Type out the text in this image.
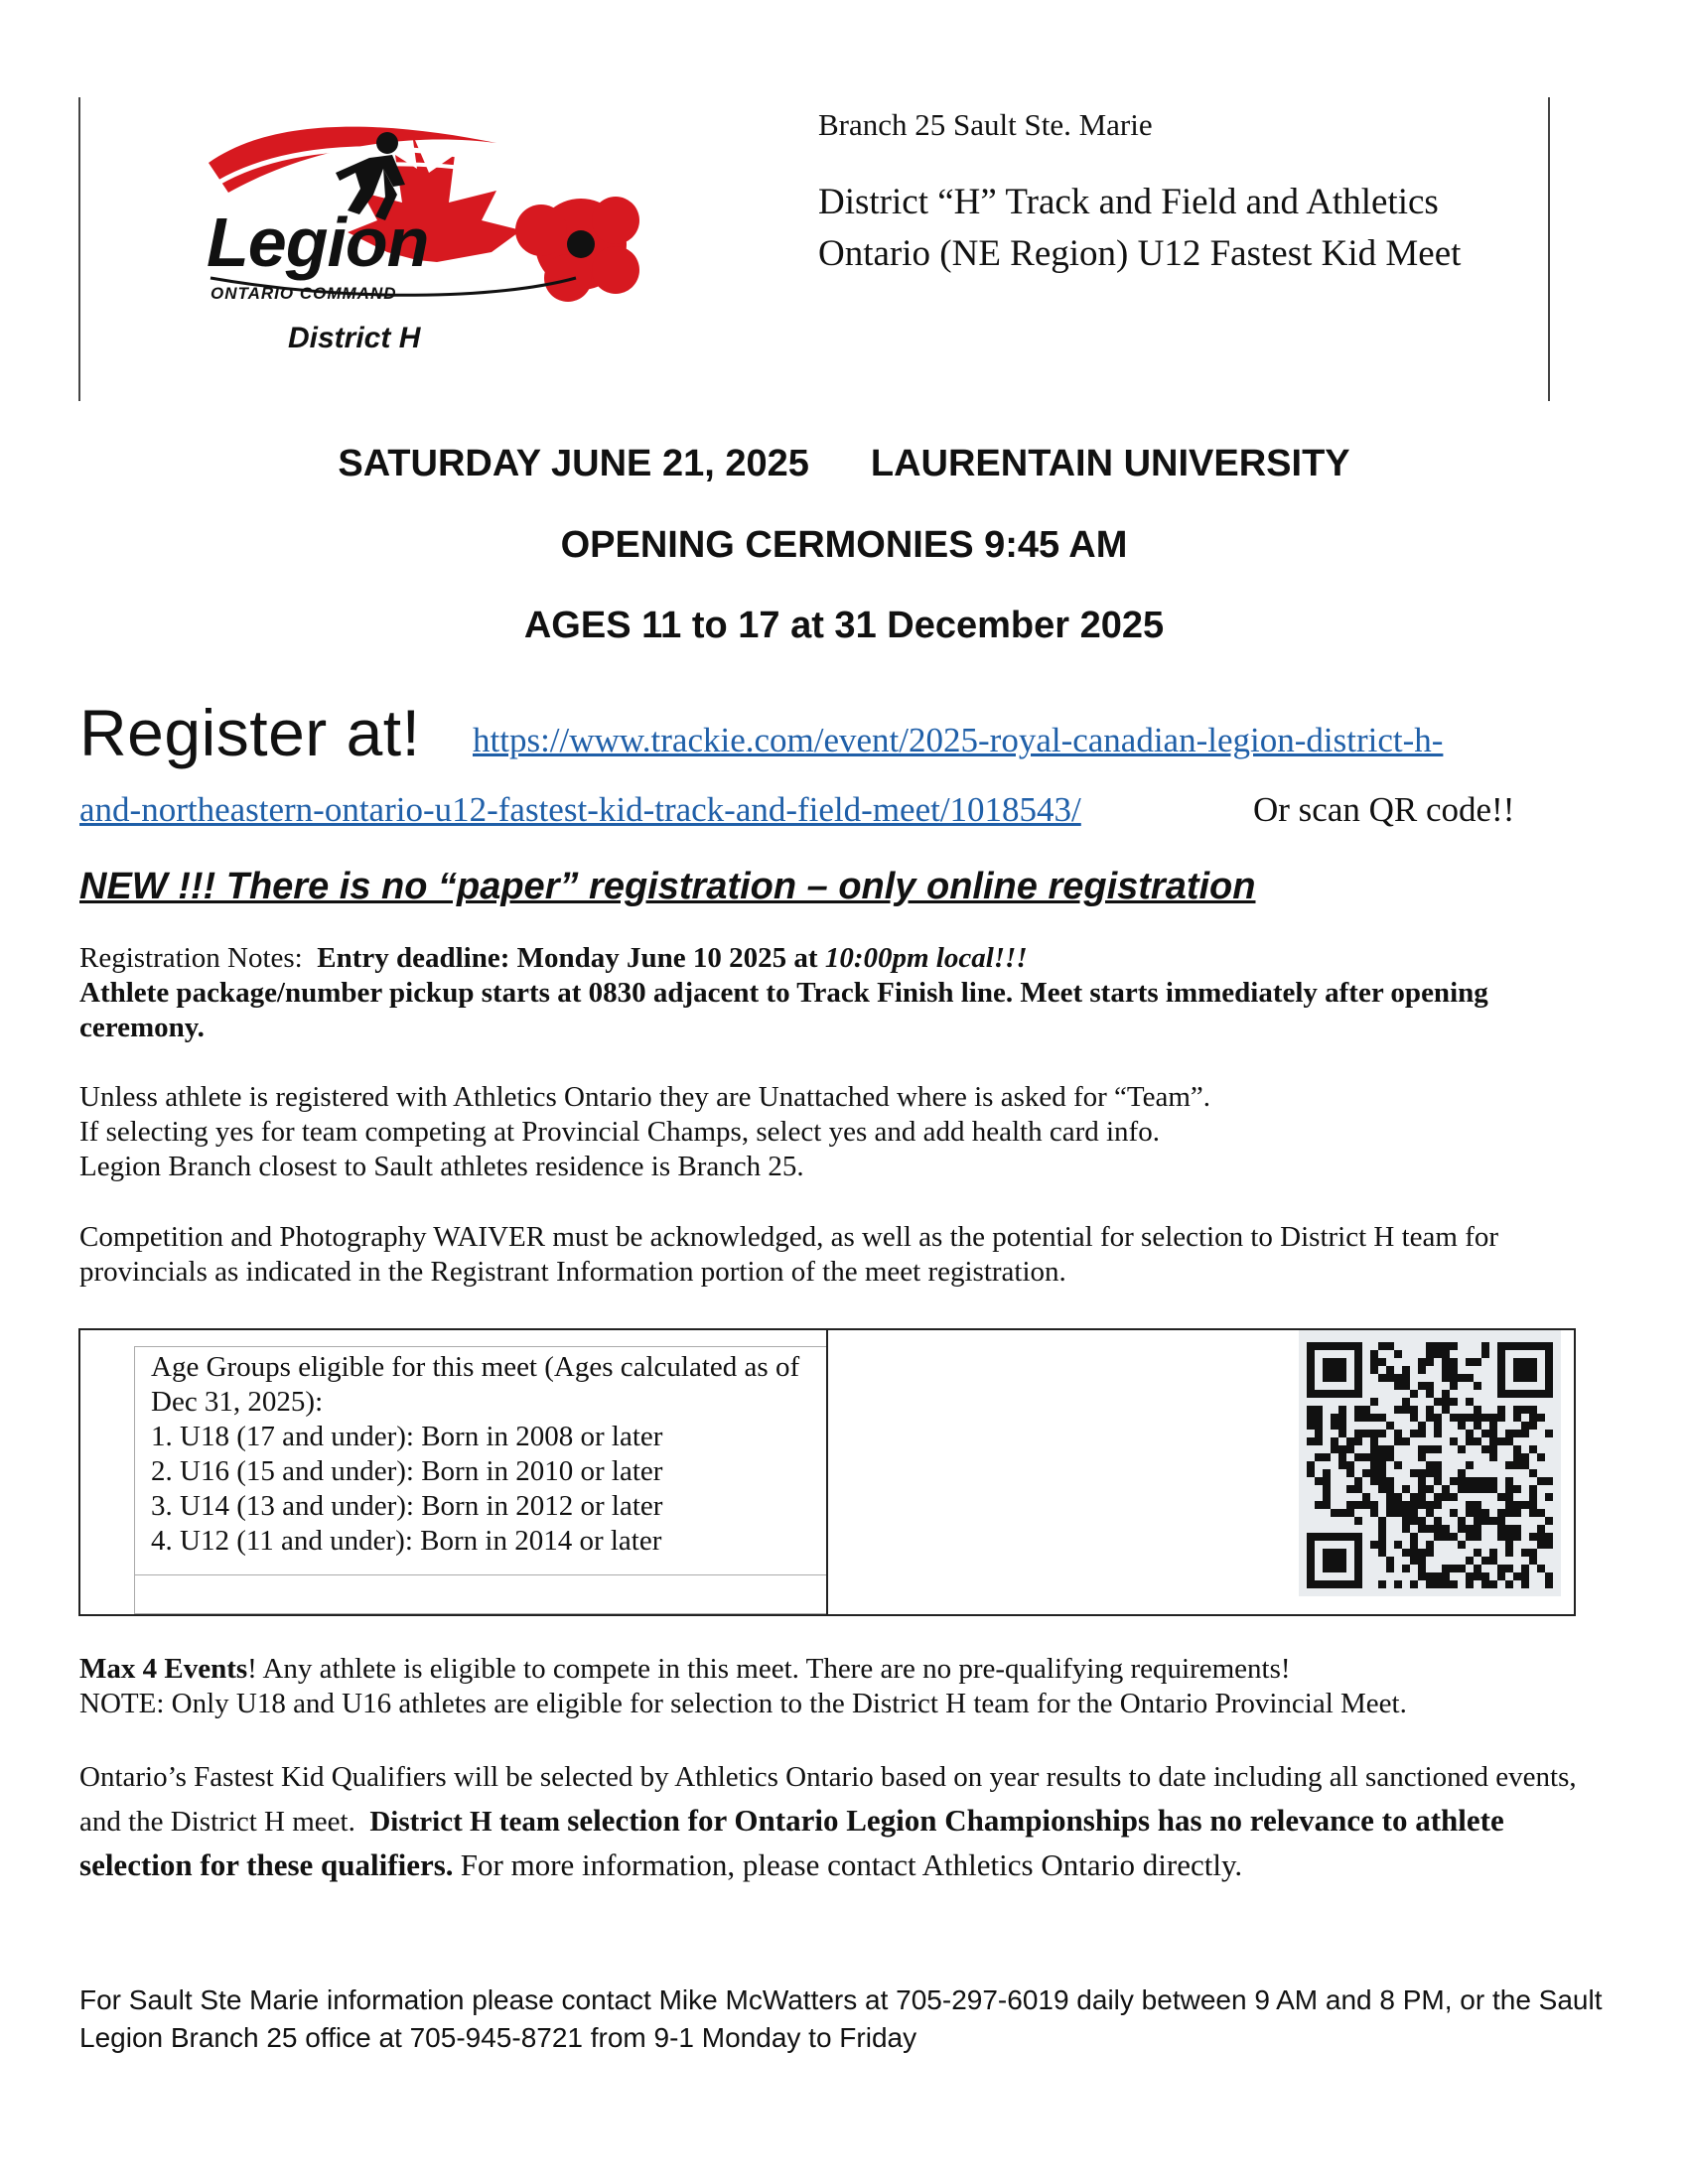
Legion
ONTARIO COMMAND
District H
Branch 25 Sault Ste. Marie
District “H” Track and Field and Athletics
Ontario (NE Region) U12 Fastest Kid Meet
SATURDAY JUNE 21, 2025 LAURENTAIN UNIVERSITY
OPENING CERMONIES 9:45 AM
AGES 11 to 17 at 31 December 2025
Register at! https://www.trackie.com/event/2025-royal-canadian-legion-district-h-
and-northeastern-ontario-u12-fastest-kid-track-and-field-meet/1018543/	Or scan QR code!!
NEW !!! There is no “paper” registration – only online registration

Registration Notes: Entry deadline: Monday June 10 2025 at 10:00pm local!!!

Athlete package/number pickup starts at 0830 adjacent to Track Finish line. Meet starts immediately after opening ceremony.

Unless athlete is registered with Athletics Ontario they are Unattached where is asked for “Team”.

If selecting yes for team competing at Provincial Champs, select yes and add health card info.

Legion Branch closest to Sault athletes residence is Branch 25.

Competition and Photography WAIVER must be acknowledged, as well as the potential for selection to District H team for provincials as indicated in the Registrant Information portion of the meet registration.
Age Groups eligible for this meet (Ages calculated as of Dec 31, 2025):
1. U18 (17 and under): Born in 2008 or later
2. U16 (15 and under): Born in 2010 or later
3. U14 (13 and under): Born in 2012 or later
4. U12 (11 and under): Born in 2014 or later

Max 4 Events! Any athlete is eligible to compete in this meet. There are no pre-qualifying requirements!

NOTE: Only U18 and U16 athletes are eligible for selection to the District H team for the Ontario Provincial Meet.

Ontario’s Fastest Kid Qualifiers will be selected by Athletics Ontario based on year results to date including all sanctioned events, and the District H meet. District H team selection for Ontario Legion Championships has no relevance to athlete selection for these qualifiers. For more information, please contact Athletics Ontario directly.
For Sault Ste Marie information please contact Mike McWatters at 705-297-6019 daily between 9 AM and 8 PM, or the Sault Legion Branch 25 office at 705-945-8721 from 9-1 Monday to Friday
